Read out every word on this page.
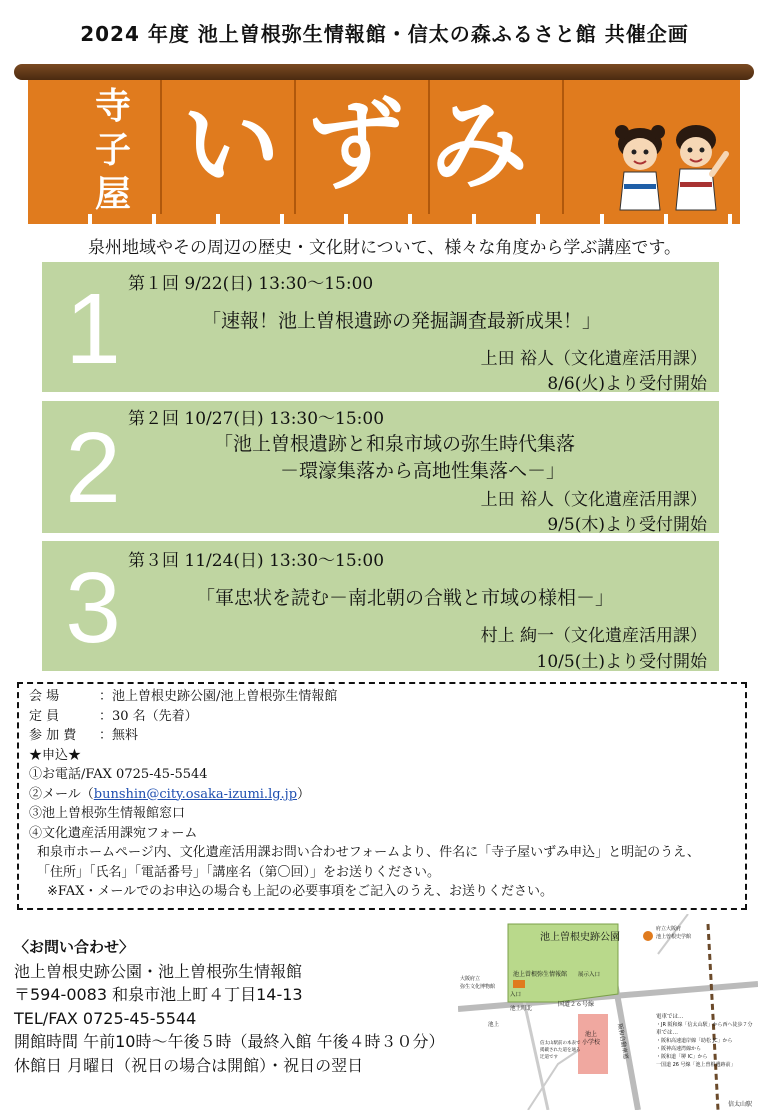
2024 年度 池上曽根弥生情報館・信太の森ふるさと館 共催企画
寺
子
屋 いずみ
泉州地域やその周辺の歴史・文化財について、様々な角度から学ぶ講座です。
1 第１回 9/22(日) 13:30～15:00
「速報！池上曽根遺跡の発掘調査最新成果！」
上田 裕人（文化遺産活用課）
8/6(火)より受付開始
2 第２回 10/27(日) 13:30～15:00
「池上曽根遺跡と和泉市域の弥生時代集落
－環濠集落から高地性集落へ－」
上田 裕人（文化遺産活用課）
9/5(木)より受付開始
3 第３回 11/24(日) 13:30～15:00
「軍忠状を読む－南北朝の合戦と市域の様相－」
村上 絢一（文化遺産活用課）
10/5(土)より受付開始
会 場	：池上曽根史跡公園/池上曽根弥生情報館
定 員	：30 名（先着）
参 加 費 ：無料
★申込★
①お電話/FAX 0725-45-5544
②メール（bunshin@city.osaka-izumi.lg.jp）
③池上曽根弥生情報館窓口
④文化遺産活用課宛フォーム
和泉市ホームページ内、文化遺産活用課お問い合わせフォームより、件名に「寺子屋いずみ申込」と明記のうえ、
「住所」「氏名」「電話番号」「講座名（第〇回）」をお送りください。
※FAX・メールでのお申込の場合も上記の必要事項をご記入のうえ、お送りください。
〈お問い合わせ〉
池上曽根史跡公園・池上曽根弥生情報館
〒594-0083 和泉市池上町４丁目14-13
TEL/FAX 0725-45-5544
開館時間 午前10時～午後５時（最終入館 午後４時３０分）
休館日 月曜日（祝日の場合は開館）・祝日の翌日
池上曽根史跡公園
池上曽根弥生情報館
入口
展示入口
池上
小学校
国道２６号線
池上町北
池上	阪和自動車道
信太山駅
府立大阪府
池上曽根史学館
大阪府立
弥生文化博物館
信太山駅前の本表で
掲載された道を通る
迂道です
電車では…
・JR 阪和線「信太山駅」から西へ徒歩７分
車では…
・阪和高速道岸線「助松 JC」から
・阪神高速湾線から
・阪和道「堺 IC」から
一国道 26 号線「池上曽根遺跡前」
